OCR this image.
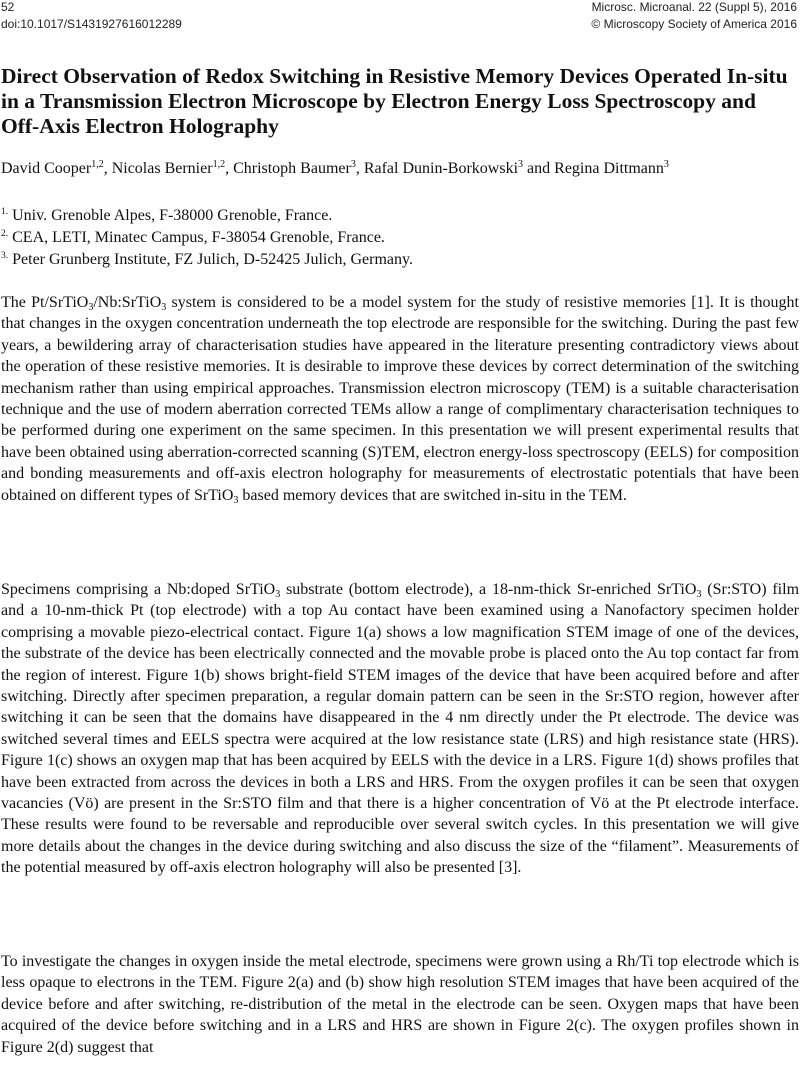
52	Microsc. Microanal. 22 (Suppl 5), 2016
doi:10.1017/S1431927616012289	© Microscopy Society of America 2016
Direct Observation of Redox Switching in Resistive Memory Devices Operated In-situ in a Transmission Electron Microscope by Electron Energy Loss Spectroscopy and Off-Axis Electron Holography
David Cooper$^{1,2}$, Nicolas Bernier$^{1,2}$, Christoph Baumer$^3$, Rafal Dunin-Borkowski$^3$ and Regina Dittmann$^3$
$^{1.}$ Univ. Grenoble Alpes, F-38000 Grenoble, France.
$^{2.}$ CEA, LETI, Minatec Campus, F-38054 Grenoble, France.
$^{3.}$ Peter Grunberg Institute, FZ Julich, D-52425 Julich, Germany.

The Pt/SrTiO$_3$/Nb:SrTiO$_3$ system is considered to be a model system for the study of resistive memories [1]. It is thought that changes in the oxygen concentration underneath the top electrode are responsible for the switching. During the past few years, a bewildering array of characterisation studies have appeared in the literature presenting contradictory views about the operation of these resistive memories. It is desirable to improve these devices by correct determination of the switching mechanism rather than using empirical approaches. Transmission electron microscopy (TEM) is a suitable characterisation technique and the use of modern aberration corrected TEMs allow a range of complimentary characterisation techniques to be performed during one experiment on the same specimen. In this presentation we will present experimental results that have been obtained using aberration-corrected scanning (S)TEM, electron energy-loss spectroscopy (EELS) for composition and bonding measurements and off-axis electron holography for measurements of electrostatic potentials that have been obtained on different types of SrTiO$_3$ based memory devices that are switched in-situ in the TEM.

Specimens comprising a Nb:doped SrTiO$_3$ substrate (bottom electrode), a 18-nm-thick Sr-enriched SrTiO$_3$ (Sr:STO) film and a 10-nm-thick Pt (top electrode) with a top Au contact have been examined using a Nanofactory specimen holder comprising a movable piezo-electrical contact. Figure 1(a) shows a low magnification STEM image of one of the devices, the substrate of the device has been electrically connected and the movable probe is placed onto the Au top contact far from the region of interest. Figure 1(b) shows bright-field STEM images of the device that have been acquired before and after switching. Directly after specimen preparation, a regular domain pattern can be seen in the Sr:STO region, however after switching it can be seen that the domains have disappeared in the 4 nm directly under the Pt electrode. The device was switched several times and EELS spectra were acquired at the low resistance state (LRS) and high resistance state (HRS). Figure 1(c) shows an oxygen map that has been acquired by EELS with the device in a LRS. Figure 1(d) shows profiles that have been extracted from across the devices in both a LRS and HRS. From the oxygen profiles it can be seen that oxygen vacancies (Vö) are present in the Sr:STO film and that there is a higher concentration of Vö at the Pt electrode interface. These results were found to be reversable and reproducible over several switch cycles. In this presentation we will give more details about the changes in the device during switching and also discuss the size of the “filament”. Measurements of the potential measured by off-axis electron holography will also be presented [3].

To investigate the changes in oxygen inside the metal electrode, specimens were grown using a Rh/Ti top electrode which is less opaque to electrons in the TEM. Figure 2(a) and (b) show high resolution STEM images that have been acquired of the device before and after switching, re-distribution of the metal in the electrode can be seen. Oxygen maps that have been acquired of the device before switching and in a LRS and HRS are shown in Figure 2(c). The oxygen profiles shown in Figure 2(d) suggest that
